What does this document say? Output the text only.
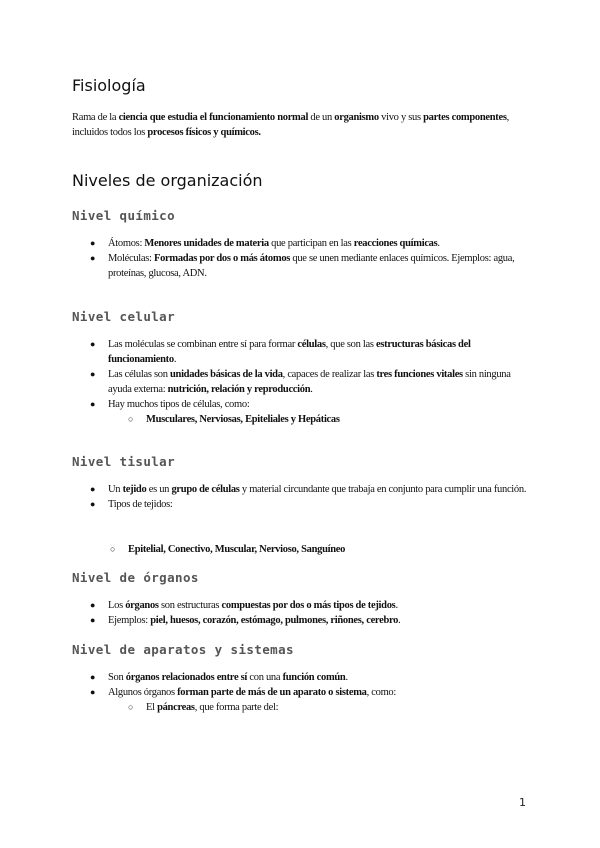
Fisiología

Rama de la ciencia que estudia el funcionamiento normal de un organismo vivo y sus partes componentes, incluidos todos los procesos físicos y químicos.

Niveles de organización
Nivel químico
● Átomos: Menores unidades de materia que participan en las reacciones químicas.
● Moléculas: Formadas por dos o más átomos que se unen mediante enlaces químicos. Ejemplos: agua, proteínas, glucosa, ADN.
Nivel celular
● Las moléculas se combinan entre sí para formar células, que son las estructuras básicas del funcionamiento.
● Las células son unidades básicas de la vida, capaces de realizar las tres funciones vitales sin ninguna ayuda externa: nutrición, relación y reproducción.
● Hay muchos tipos de células, como:
○ Musculares, Nerviosas, Epiteliales y Hepáticas
Nivel tisular
● Un tejido es un grupo de células y material circundante que trabaja en conjunto para cumplir una función.
● Tipos de tejidos:
○ Epitelial, Conectivo, Muscular, Nervioso, Sanguíneo
Nivel de órganos
● Los órganos son estructuras compuestas por dos o más tipos de tejidos.
● Ejemplos: piel, huesos, corazón, estómago, pulmones, riñones, cerebro.
Nivel de aparatos y sistemas
● Son órganos relacionados entre sí con una función común.
● Algunos órganos forman parte de más de un aparato o sistema, como:
○ El páncreas, que forma parte del:
1
